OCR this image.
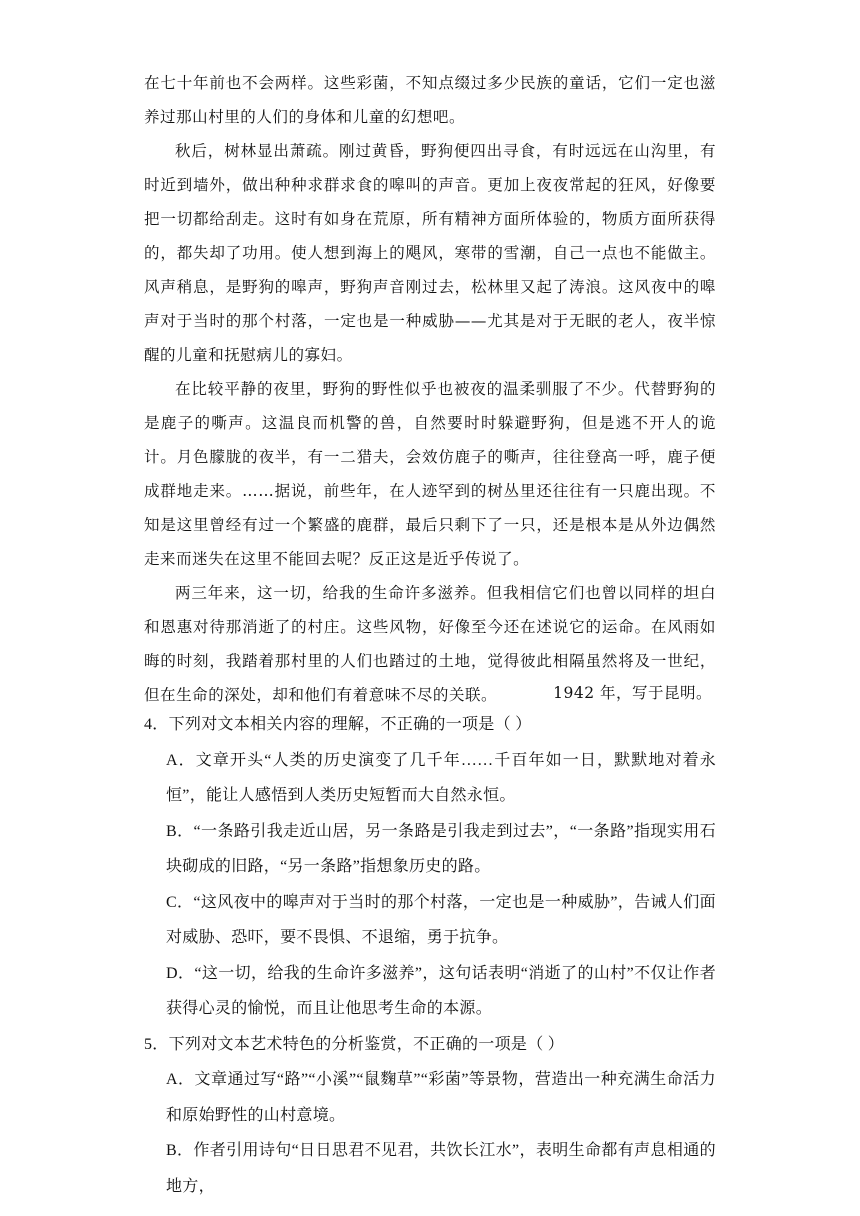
在七十年前也不会两样。这些彩菌，不知点缀过多少民族的童话，它们一定也滋养过那山村里的人们的身体和儿童的幻想吧。

秋后，树林显出萧疏。刚过黄昏，野狗便四出寻食，有时远远在山沟里，有时近到墙外，做出种种求群求食的嗥叫的声音。更加上夜夜常起的狂风，好像要把一切都给刮走。这时有如身在荒原，所有精神方面所体验的，物质方面所获得的，都失却了功用。使人想到海上的飓风，寒带的雪潮，自己一点也不能做主。风声稍息，是野狗的嗥声，野狗声音刚过去，松林里又起了涛浪。这风夜中的嗥声对于当时的那个村落，一定也是一种威胁——尤其是对于无眠的老人，夜半惊醒的儿童和抚慰病儿的寡妇。

在比较平静的夜里，野狗的野性似乎也被夜的温柔驯服了不少。代替野狗的是鹿子的嘶声。这温良而机警的兽，自然要时时躲避野狗，但是逃不开人的诡计。月色朦胧的夜半，有一二猎夫，会效仿鹿子的嘶声，往往登高一呼，鹿子便成群地走来。……据说，前些年，在人迹罕到的树丛里还往往有一只鹿出现。不知是这里曾经有过一个繁盛的鹿群，最后只剩下了一只，还是根本是从外边偶然走来而迷失在这里不能回去呢？反正这是近乎传说了。

两三年来，这一切，给我的生命许多滋养。但我相信它们也曾以同样的坦白和恩惠对待那消逝了的村庄。这些风物，好像至今还在述说它的运命。在风雨如晦的时刻，我踏着那村里的人们也踏过的土地，觉得彼此相隔虽然将及一世纪，但在生命的深处，却和他们有着意味不尽的关联。	1942 年，写于昆明。

4．下列对文本相关内容的理解，不正确的一项是（ ）

A．文章开头“人类的历史演变了几千年……千百年如一日，默默地对着永恒”，能让人感悟到人类历史短暂而大自然永恒。

B．“一条路引我走近山居，另一条路是引我走到过去”，“一条路”指现实用石块砌成的旧路，“另一条路”指想象历史的路。

C．“这风夜中的嗥声对于当时的那个村落，一定也是一种威胁”，告诫人们面对威胁、恐吓，要不畏惧、不退缩，勇于抗争。

D．“这一切，给我的生命许多滋养”，这句话表明“消逝了的山村”不仅让作者获得心灵的愉悦，而且让他思考生命的本源。

5．下列对文本艺术特色的分析鉴赏，不正确的一项是（ ）

A．文章通过写“路”“小溪”“鼠麴草”“彩菌”等景物，营造出一种充满生命活力和原始野性的山村意境。

B．作者引用诗句“日日思君不见君，共饮长江水”，表明生命都有声息相通的地方，
